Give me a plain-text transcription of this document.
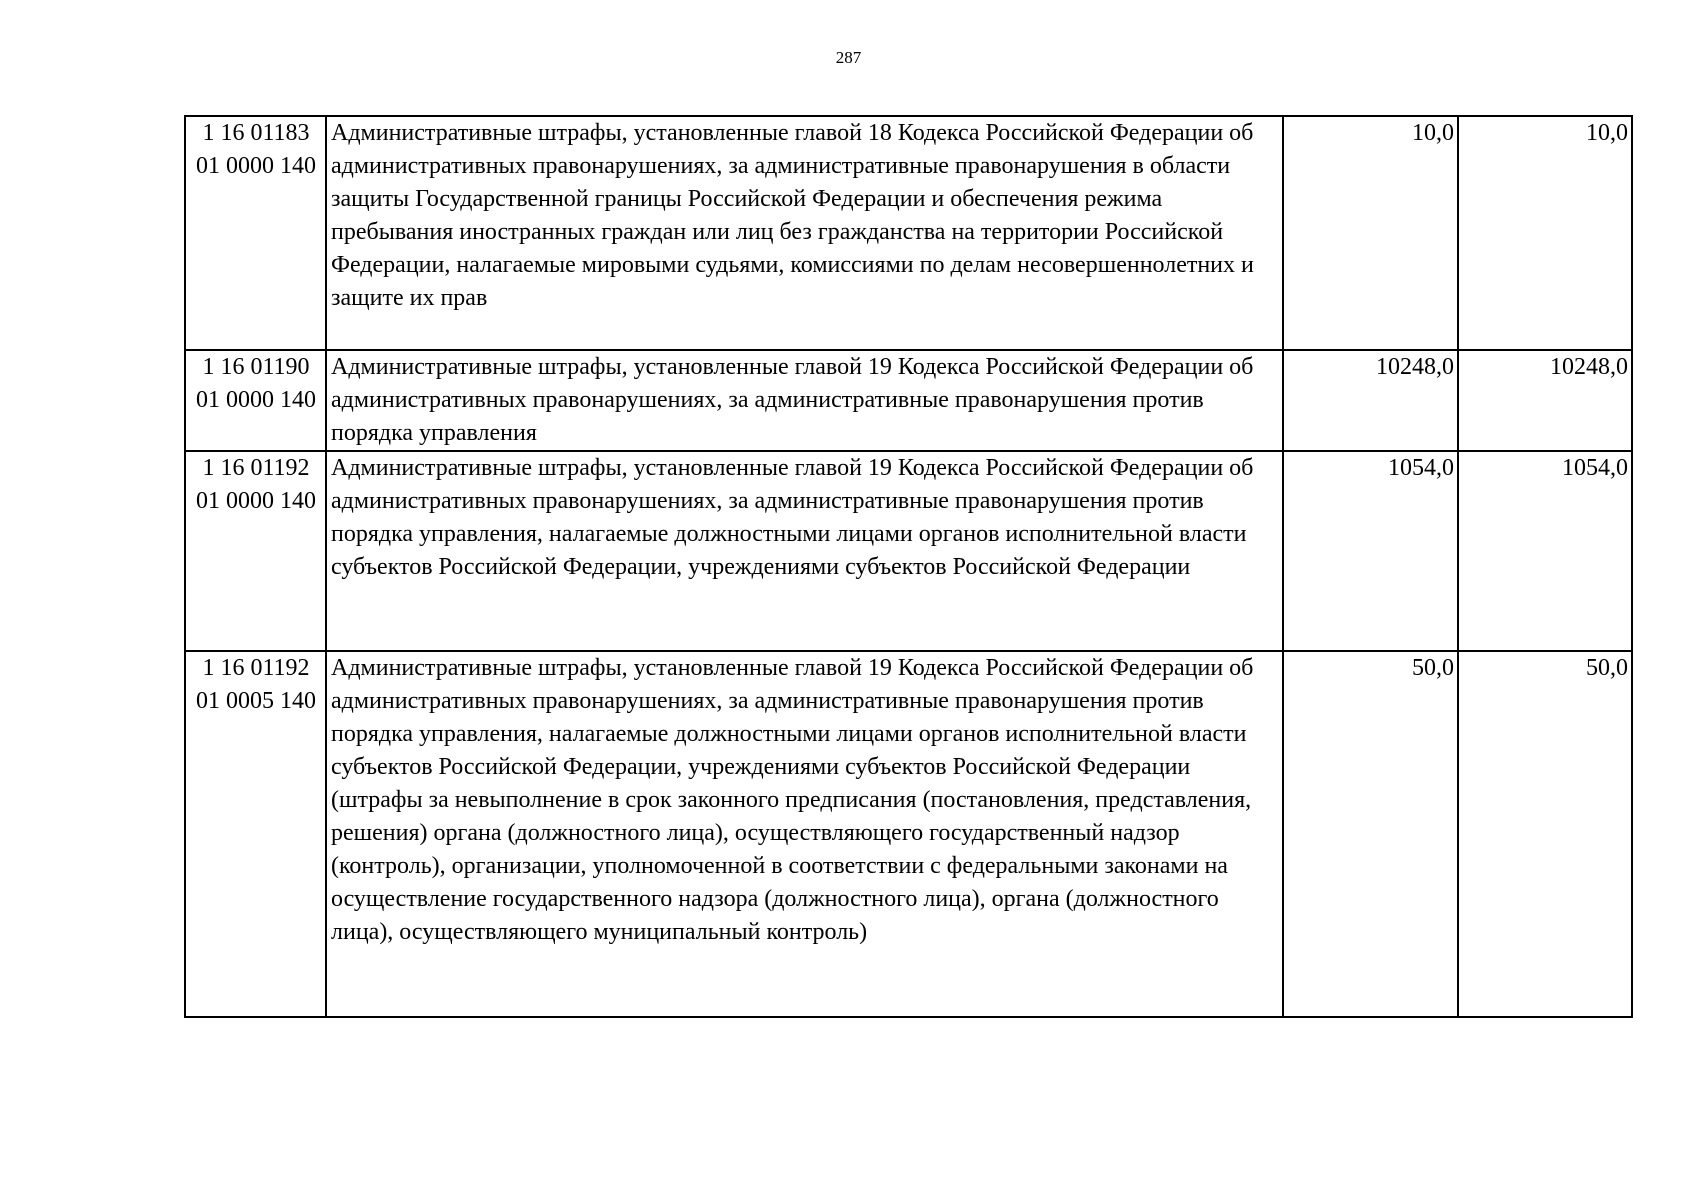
287
1 16 01183
01 0000 140	Административные штрафы, установленные главой 18 Кодекса Российской Федерации об административных правонарушениях, за административные правонарушения в области защиты Государственной границы Российской Федерации и обеспечения режима пребывания иностранных граждан или лиц без гражданства на территории Российской Федерации, налагаемые мировыми судьями, комиссиями по делам несовершеннолетних и защите их прав	10,0	10,0

1 16 01190
01 0000 140	Административные штрафы, установленные главой 19 Кодекса Российской Федерации об административных правонарушениях, за административные правонарушения против порядка управления	10248,0	10248,0

1 16 01192
01 0000 140	Административные штрафы, установленные главой 19 Кодекса Российской Федерации об административных правонарушениях, за административные правонарушения против порядка управления, налагаемые должностными лицами органов исполнительной власти субъектов Российской Федерации, учреждениями субъектов Российской Федерации	1054,0	1054,0

1 16 01192
01 0005 140	Административные штрафы, установленные главой 19 Кодекса Российской Федерации об административных правонарушениях, за административные правонарушения против порядка управления, налагаемые должностными лицами органов исполнительной власти субъектов Российской Федерации, учреждениями субъектов Российской Федерации (штрафы за невыполнение в срок законного предписания (постановления, представления, решения) органа (должностного лица), осуществляющего государственный надзор (контроль), организации, уполномоченной в соответствии с федеральными законами на осуществление государственного надзора (должностного лица), органа (должностного лица), осуществляющего муниципальный контроль)	50,0	50,0
